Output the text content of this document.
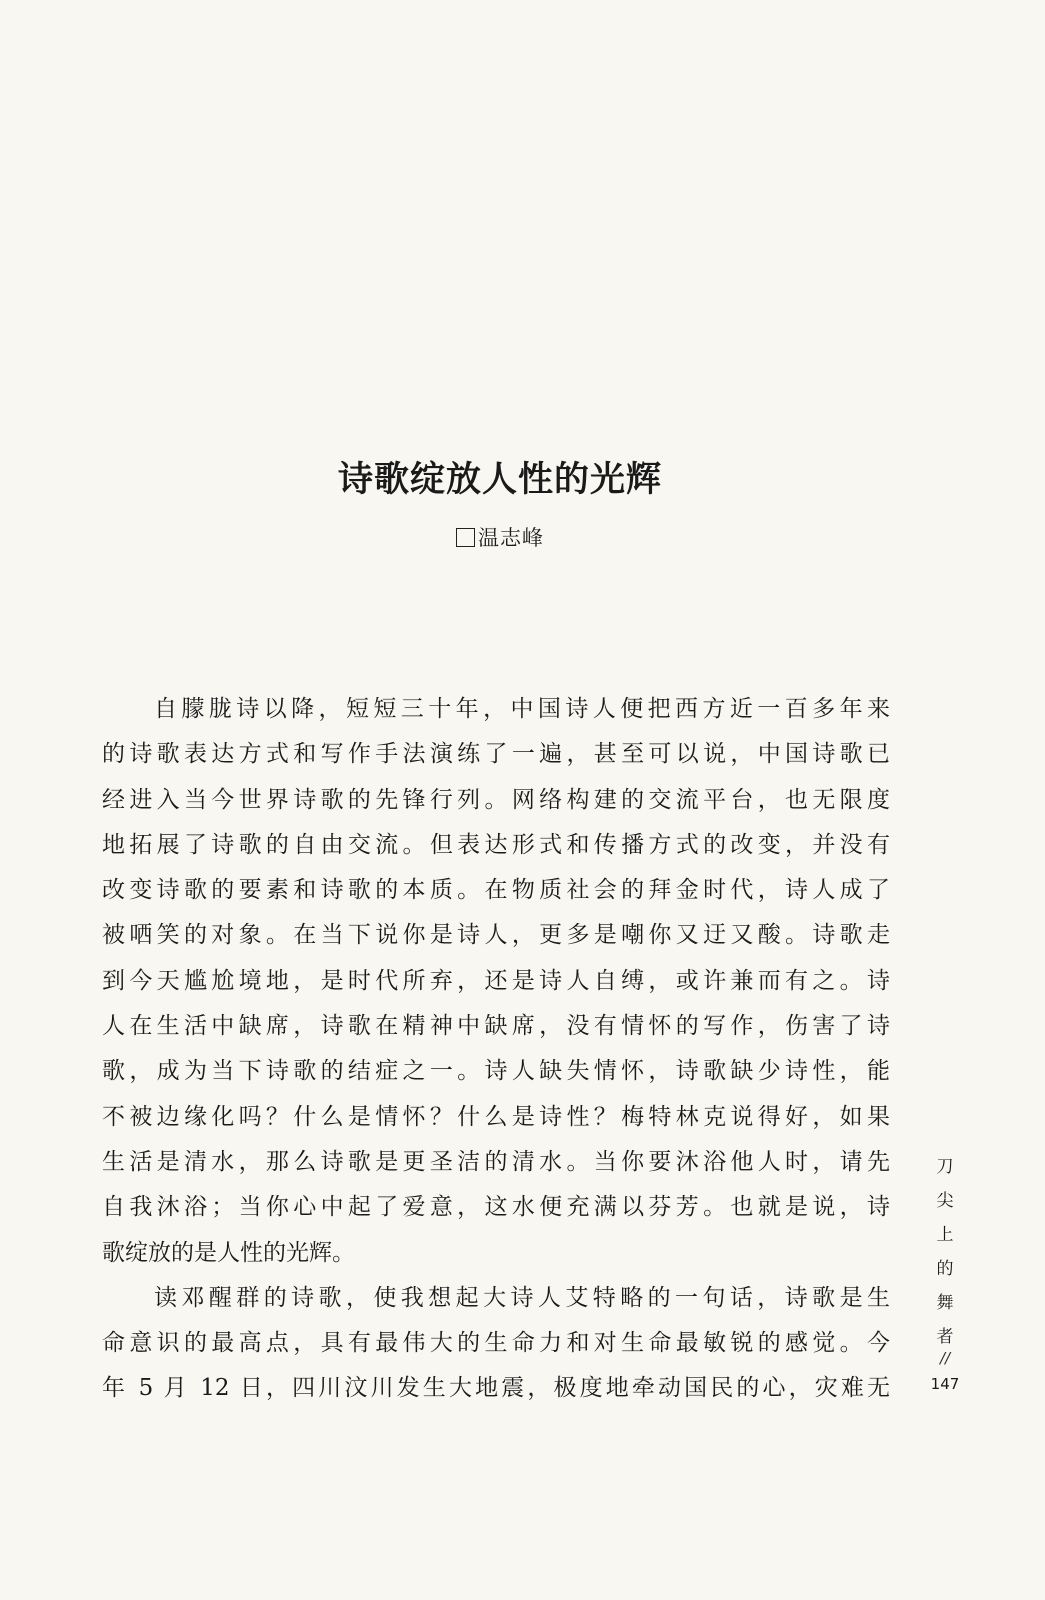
诗歌绽放人性的光辉
温志峰
自朦胧诗以降，短短三十年，中国诗人便把西方近一百多年来
的诗歌表达方式和写作手法演练了一遍，甚至可以说，中国诗歌已
经进入当今世界诗歌的先锋行列。网络构建的交流平台，也无限度
地拓展了诗歌的自由交流。但表达形式和传播方式的改变，并没有
改变诗歌的要素和诗歌的本质。在物质社会的拜金时代，诗人成了
被哂笑的对象。在当下说你是诗人，更多是嘲你又迂又酸。诗歌走
到今天尴尬境地，是时代所弃，还是诗人自缚，或许兼而有之。诗
人在生活中缺席，诗歌在精神中缺席，没有情怀的写作，伤害了诗
歌，成为当下诗歌的结症之一。诗人缺失情怀，诗歌缺少诗性，能
不被边缘化吗？什么是情怀？什么是诗性？梅特林克说得好，如果
生活是清水，那么诗歌是更圣洁的清水。当你要沐浴他人时，请先
自我沐浴；当你心中起了爱意，这水便充满以芬芳。也就是说，诗
歌绽放的是人性的光辉。
读邓醒群的诗歌，使我想起大诗人艾特略的一句话，诗歌是生
命意识的最高点，具有最伟大的生命力和对生命最敏锐的感觉。今
年 5 月 12 日，四川汶川发生大地震，极度地牵动国民的心，灾难无
刀
尖
上
的
舞
者
//
147
